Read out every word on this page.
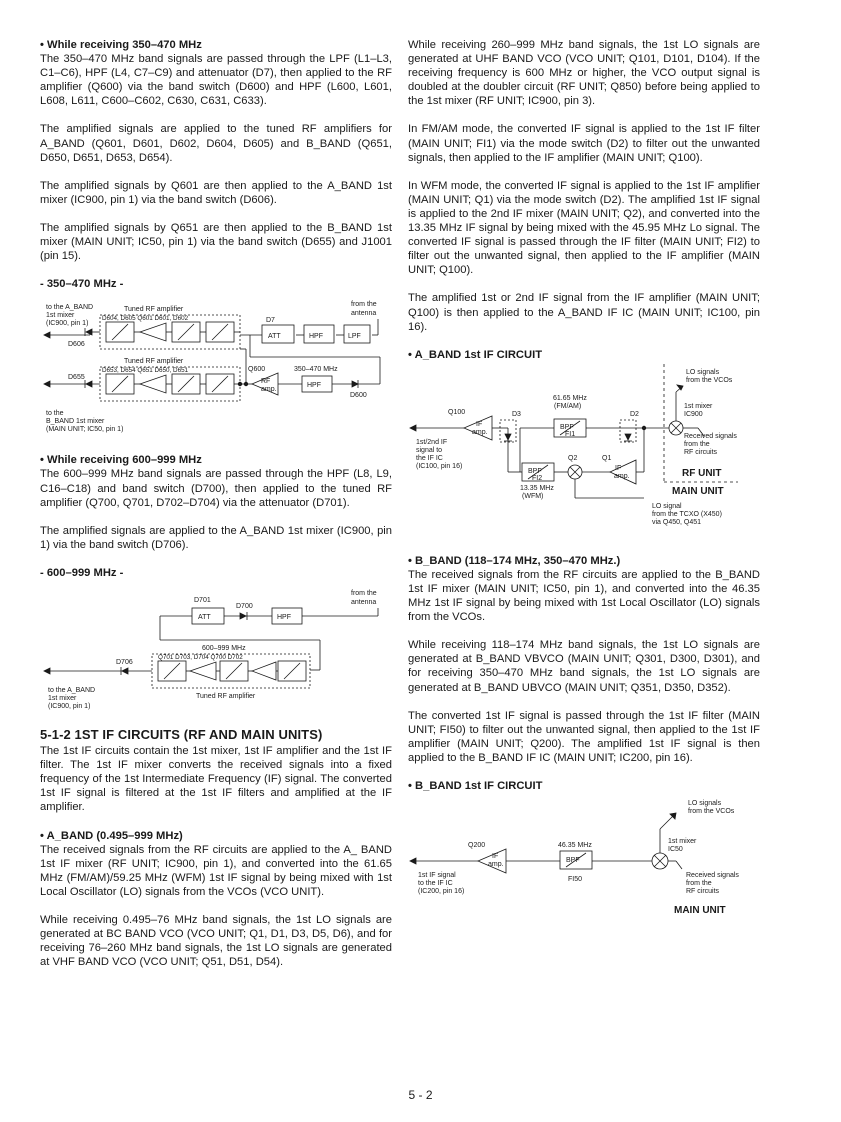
• While receiving 350–470 MHz

The 350–470 MHz band signals are passed through the LPF (L1–L3, C1–C6), HPF (L4, C7–C9) and attenuator (D7), then applied to the RF amplifier (Q600) via the band switch (D600) and HPF (L600, L601, L608, L611, C600–C602, C630, C631, C633).

The amplified signals are applied to the tuned RF amplifiers for A_BAND (Q601, D601, D602, D604, D605) and B_BAND (Q651, D650, D651, D653, D654).

The amplified signals by Q601 are then applied to the A_BAND 1st mixer (IC900, pin 1) via the band switch (D606).

The amplified signals by Q651 are then applied to the B_BAND 1st mixer (MAIN UNIT; IC50, pin 1) via the band switch (D655) and J1001 (pin 15).

- 350–470 MHz -
from the
antenna
LPF
HPF
ATT
D7
Tuned RF amplifier
D604, D605 Q601 D601, D602
to the A_BAND
1st mixer
(IC900, pin 1)
D606
Tuned RF amplifier
D653, D654 Q651 D650, D651	Q600
RF
amp.
350–470 MHz
HPF
D600
D655
to the
B_BAND 1st mixer
(MAIN UNIT; IC50, pin 1)
• While receiving 600–999 MHz

The 600–999 MHz band signals are passed through the HPF (L8, L9, C16–C18) and band switch (D700), then applied to the tuned RF amplifier (Q700, Q701, D702–D704) via the attenuator (D701).

The amplified signals are applied to the A_BAND 1st mixer (IC900, pin 1) via the band switch (D706).

- 600–999 MHz -
D701
ATT
D700
HPF
from the
antenna
600–999 MHz
Q701 D703, D704 Q700 D702
D706
to the A_BAND
1st mixer
(IC900, pin 1)
Tuned RF amplifier
5-1-2 1ST IF CIRCUITS (RF AND MAIN UNITS)

The 1st IF circuits contain the 1st mixer, 1st IF amplifier and the 1st IF filter. The 1st IF mixer converts the received signals into a fixed frequency of the 1st Intermediate Frequency (IF) signal. The converted 1st IF signal is filtered at the 1st IF filters and amplified at the IF amplifier.

• A_BAND (0.495–999 MHz)

The received signals from the RF circuits are applied to the A_ BAND 1st IF mixer (RF UNIT; IC900, pin 1), and converted into the 61.65 MHz (FM/AM)/59.25 MHz (WFM) 1st IF signal by being mixed with 1st Local Oscillator (LO) signals from the VCOs (VCO UNIT).

While receiving 0.495–76 MHz band signals, the 1st LO signals are generated at BC BAND VCO (VCO UNIT; Q1, D1, D3, D5, D6), and for receiving 76–260 MHz band signals, the 1st LO signals are generated at VHF BAND VCO (VCO UNIT; Q51, D51, D54).

While receiving 260–999 MHz band signals, the 1st LO signals are generated at UHF BAND VCO (VCO UNIT; Q101, D101, D104). If the receiving frequency is 600 MHz or higher, the VCO output signal is doubled at the doubler circuit (RF UNIT; Q850) before being applied to the 1st mixer (RF UNIT; IC900, pin 3).

In FM/AM mode, the converted IF signal is applied to the 1st IF filter (MAIN UNIT; FI1) via the mode switch (D2) to filter out the unwanted signals, then applied to the IF amplifier (MAIN UNIT; Q100).

In WFM mode, the converted IF signal is applied to the 1st IF amplifier (MAIN UNIT; Q1) via the mode switch (D2). The amplified 1st IF signal is applied to the 2nd IF mixer (MAIN UNIT; Q2), and converted into the 13.35 MHz IF signal by being mixed with the 45.95 MHz Lo signal. The converted IF signal is passed through the IF filter (MAIN UNIT; FI2) to filter out the unwanted signal, then applied to the IF amplifier (MAIN UNIT; Q100).

The amplified 1st or 2nd IF signal from the IF amplifier (MAIN UNIT; Q100) is then applied to the A_BAND IF IC (MAIN UNIT; IC100, pin 16).

• A_BAND 1st IF CIRCUIT
LO signals
from the VCOs
1st mixer
IC900
Q100
IF
amp.
D3
61.65 MHz
(FM/AM)
BPF
FI1
D2
Received signals
from the
RF circuits
1st/2nd IF
signal to
the IF IC
(IC100, pin 16)
Q2	Q1
IF
amp.
BPF
FI2
13.35 MHz
(WFM)
RF UNIT
MAIN UNIT
LO signal
from the TCXO (X450)
via Q450, Q451
• B_BAND (118–174 MHz, 350–470 MHz.)

The received signals from the RF circuits are applied to the B_BAND 1st IF mixer (MAIN UNIT; IC50, pin 1), and converted into the 46.35 MHz 1st IF signal by being mixed with 1st Local Oscillator (LO) signals from the VCOs.

While receiving 118–174 MHz band signals, the 1st LO signals are generated at B_BAND VBVCO (MAIN UNIT; Q301, D300, D301), and for receiving 350–470 MHz band signals, the 1st LO signals are generated at B_BAND UBVCO (MAIN UNIT; Q351, D350, D352).

The converted 1st IF signal is passed through the 1st IF filter (MAIN UNIT; FI50) to filter out the unwanted signal, then applied to the 1st IF amplifier (MAIN UNIT; Q200). The amplified 1st IF signal is then applied to the B_BAND IF IC (MAIN UNIT; IC200, pin 16).

• B_BAND 1st IF CIRCUIT
LO signals
from the VCOs
1st mixer
IC50
Q200
IF
amp.
46.35 MHz
BPF
FI50
1st IF signal
to the IF IC
(IC200, pin 16)
Received signals
from the
RF circuits
MAIN UNIT
5 - 2
